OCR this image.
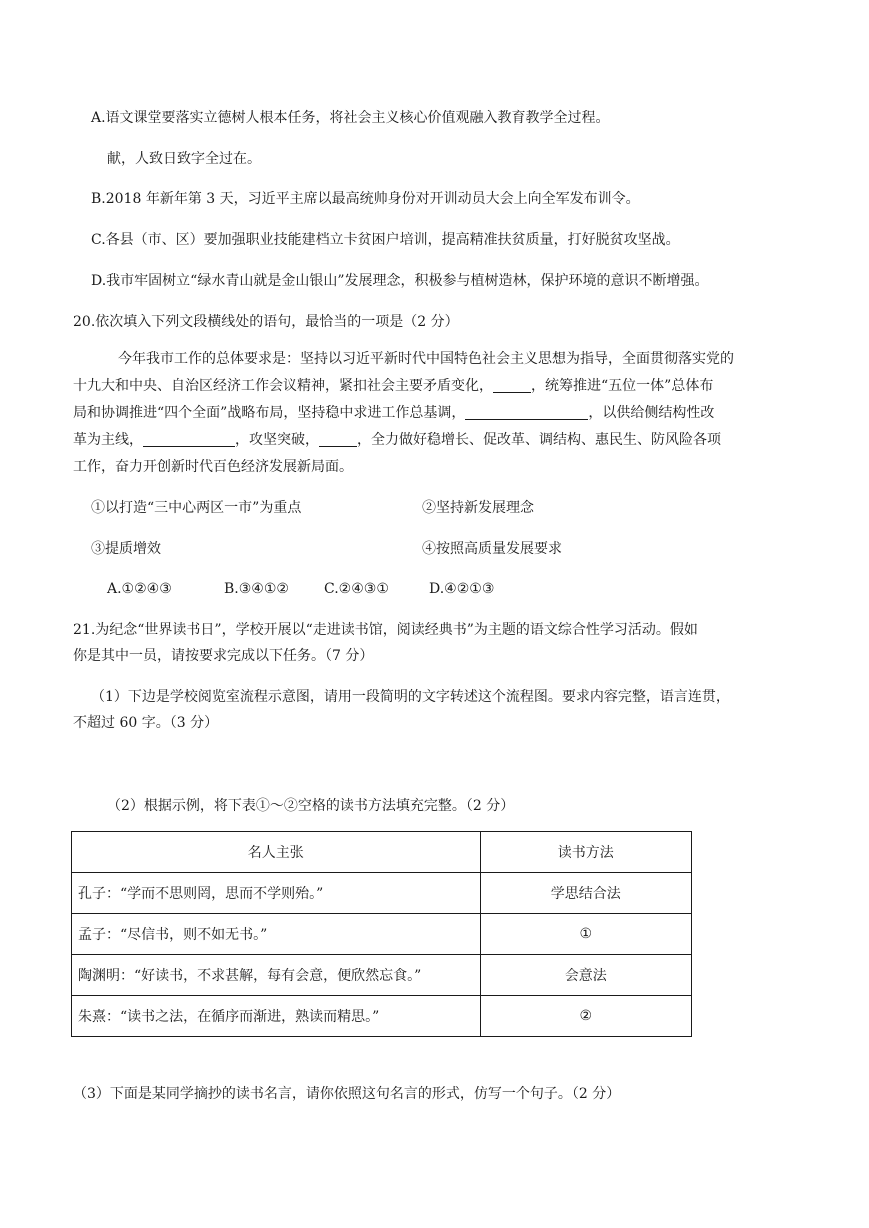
A.语文课堂要落实立德树人根本任务，将社会主义核心价值观融入教育教学全过程。
献，人致日致字全过在。
B.2018 年新年第 3 天，习近平主席以最高统帅身份对开训动员大会上向全军发布训令。
C.各县（市、区）要加强职业技能建档立卡贫困户培训，提高精准扶贫质量，打好脱贫攻坚战。
D.我市牢固树立“绿水青山就是金山银山”发展理念，积极参与植树造林，保护环境的意识不断增强。
20.依次填入下列文段横线处的语句，最恰当的一项是（2 分）
今年我市工作的总体要求是：坚持以习近平新时代中国特色社会主义思想为指导，全面贯彻落实党的
十九大和中央、自治区经济工作会议精神，紧扣社会主要矛盾变化，	，统筹推进“五位一体”总体布
局和协调推进“四个全面”战略布局，坚持稳中求进工作总基调，	，以供给侧结构性改
革为主线，	，攻坚突破，	，全力做好稳增长、促改革、调结构、惠民生、防风险各项
工作，奋力开创新时代百色经济发展新局面。
①以打造“三中心两区一市”为重点	②坚持新发展理念
③提质增效	④按照高质量发展要求
A.①②④③	B.③④①②	C.②④③①	D.④②①③
21.为纪念“世界读书日”，学校开展以“走进读书馆，阅读经典书”为主题的语文综合性学习活动。假如
你是其中一员，请按要求完成以下任务。（7 分）
（1）下边是学校阅览室流程示意图，请用一段简明的文字转述这个流程图。要求内容完整，语言连贯，
不超过 60 字。（3 分）
（2）根据示例，将下表①～②空格的读书方法填充完整。（2 分）
名人主张	读书方法
孔子：“学而不思则罔，思而不学则殆。”	学思结合法
孟子：“尽信书，则不如无书。”	①
陶渊明：“好读书，不求甚解，每有会意，便欣然忘食。”	会意法
朱熹：“读书之法，在循序而渐进，熟读而精思。”	②
（3）下面是某同学摘抄的读书名言，请你依照这句名言的形式，仿写一个句子。（2 分）
